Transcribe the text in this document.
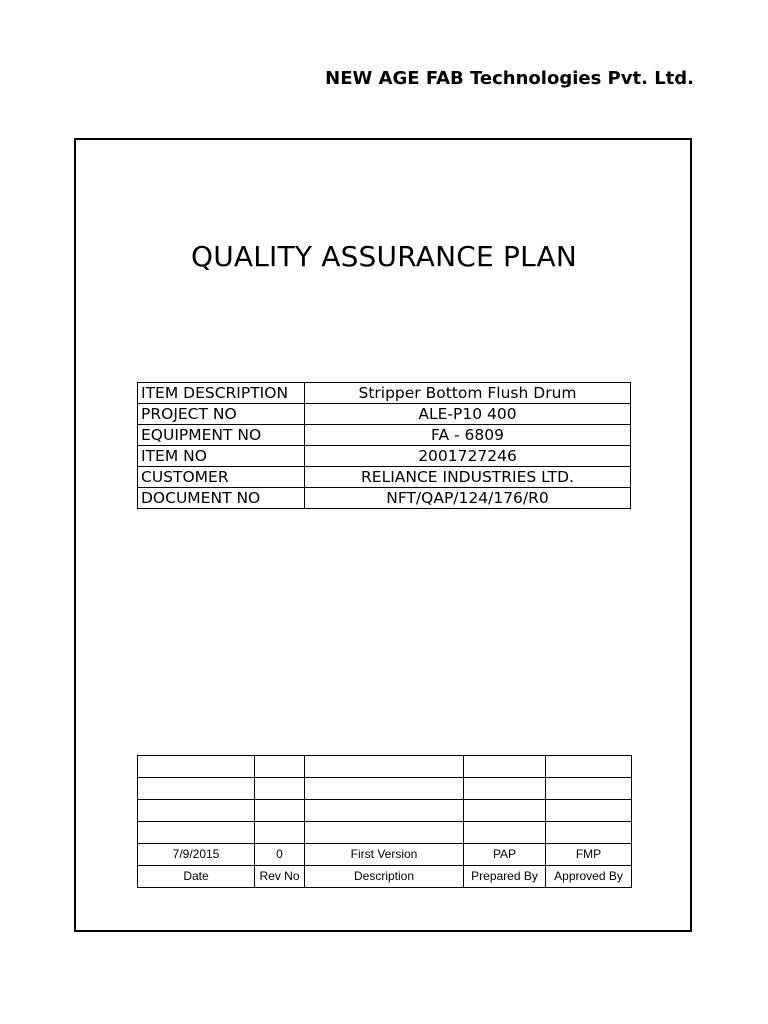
NEW AGE FAB Technologies Pvt. Ltd.
QUALITY ASSURANCE PLAN
ITEM DESCRIPTION	Stripper Bottom Flush Drum
PROJECT NO	ALE-P10 400
EQUIPMENT NO	FA - 6809
ITEM NO	2001727246
CUSTOMER	RELIANCE INDUSTRIES LTD.
DOCUMENT NO	NFT/QAP/124/176/R0

7/9/2015	0	First Version	PAP	FMP
Date	Rev No	Description	Prepared By	Approved By
